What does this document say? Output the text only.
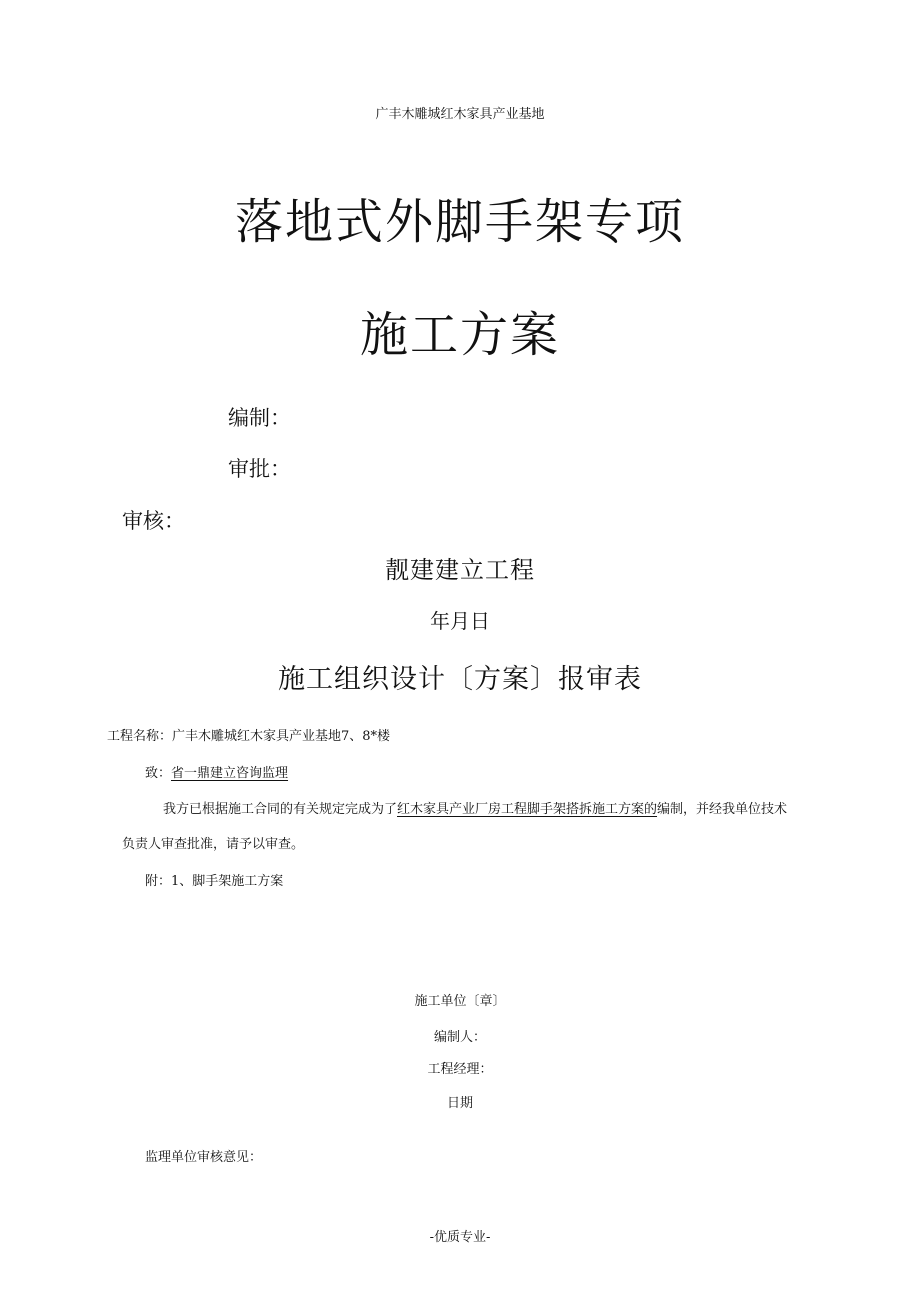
广丰木雕城红木家具产业基地
落地式外脚手架专项
施工方案
编制：
审批：
审核：
靓建建立工程
年月日
施工组织设计〔方案〕报审表
工程名称：广丰木雕城红木家具产业基地7、8*楼
致：省一鼎建立咨询监理
我方已根据施工合同的有关规定完成为了红木家具产业厂房工程脚手架搭拆施工方案的编制，并经我单位技术
负责人审查批准，请予以审查。
附：1、脚手架施工方案
施工单位〔章〕
编制人：
工程经理：
日期
监理单位审核意见：
-优质专业-
